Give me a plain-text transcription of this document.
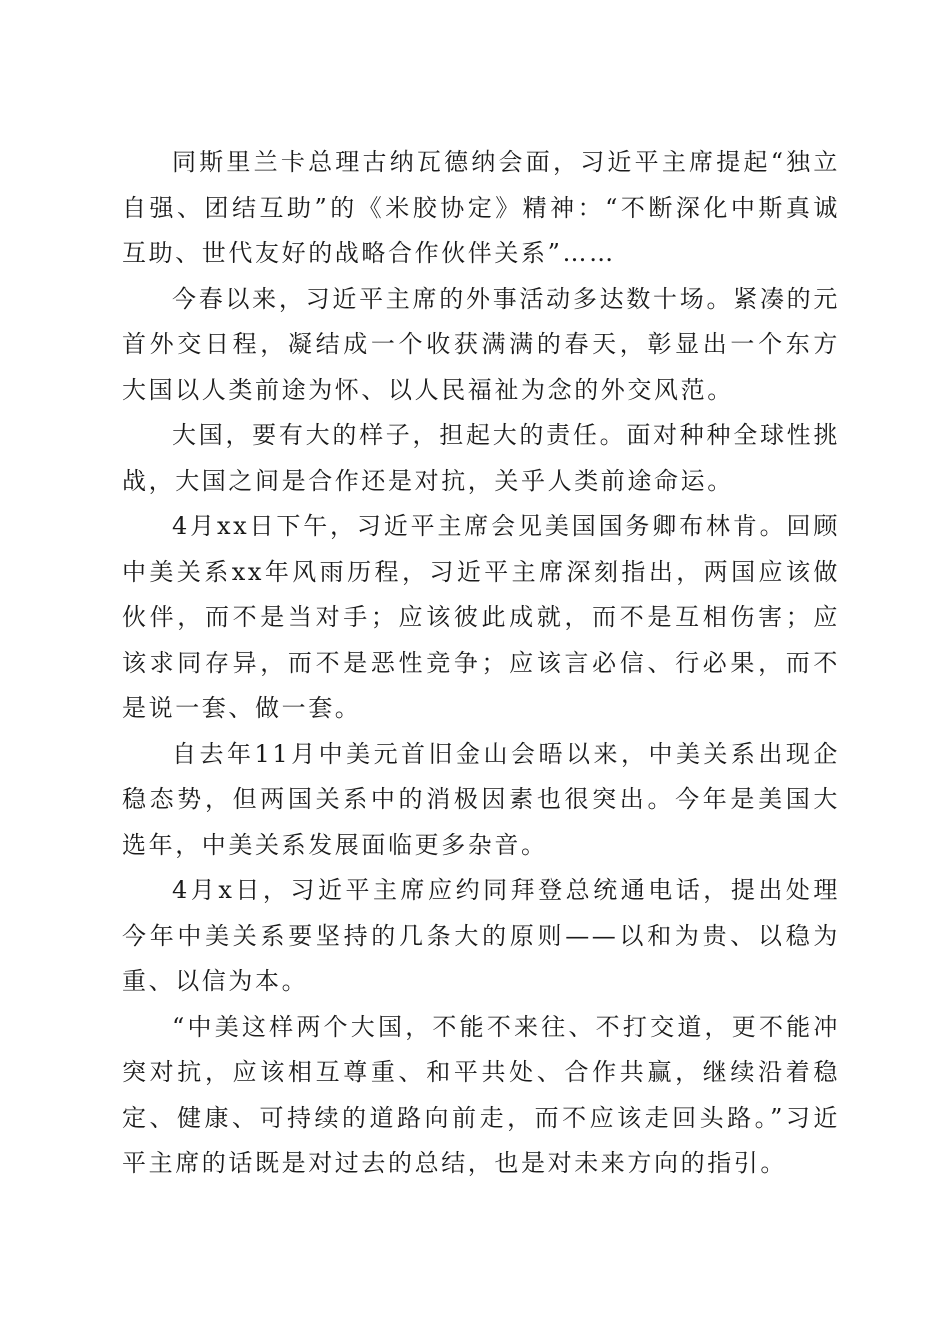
同斯里兰卡总理古纳瓦德纳会面，习近平主席提起“独立自强、团结互助”的《米胶协定》精神：“不断深化中斯真诚互助、世代友好的战略合作伙伴关系”……

今春以来，习近平主席的外事活动多达数十场。紧凑的元首外交日程，凝结成一个收获满满的春天，彰显出一个东方大国以人类前途为怀、以人民福祉为念的外交风范。

大国，要有大的样子，担起大的责任。面对种种全球性挑战，大国之间是合作还是对抗，关乎人类前途命运。

4月xx日下午，习近平主席会见美国国务卿布林肯。回顾中美关系xx年风雨历程，习近平主席深刻指出，两国应该做伙伴，而不是当对手；应该彼此成就，而不是互相伤害；应该求同存异，而不是恶性竞争；应该言必信、行必果，而不是说一套、做一套。

自去年11月中美元首旧金山会晤以来，中美关系出现企稳态势，但两国关系中的消极因素也很突出。今年是美国大选年，中美关系发展面临更多杂音。

4月x日，习近平主席应约同拜登总统通电话，提出处理今年中美关系要坚持的几条大的原则——以和为贵、以稳为重、以信为本。

“中美这样两个大国，不能不来往、不打交道，更不能冲突对抗，应该相互尊重、和平共处、合作共赢，继续沿着稳定、健康、可持续的道路向前走，而不应该走回头路。”习近平主席的话既是对过去的总结，也是对未来方向的指引。
